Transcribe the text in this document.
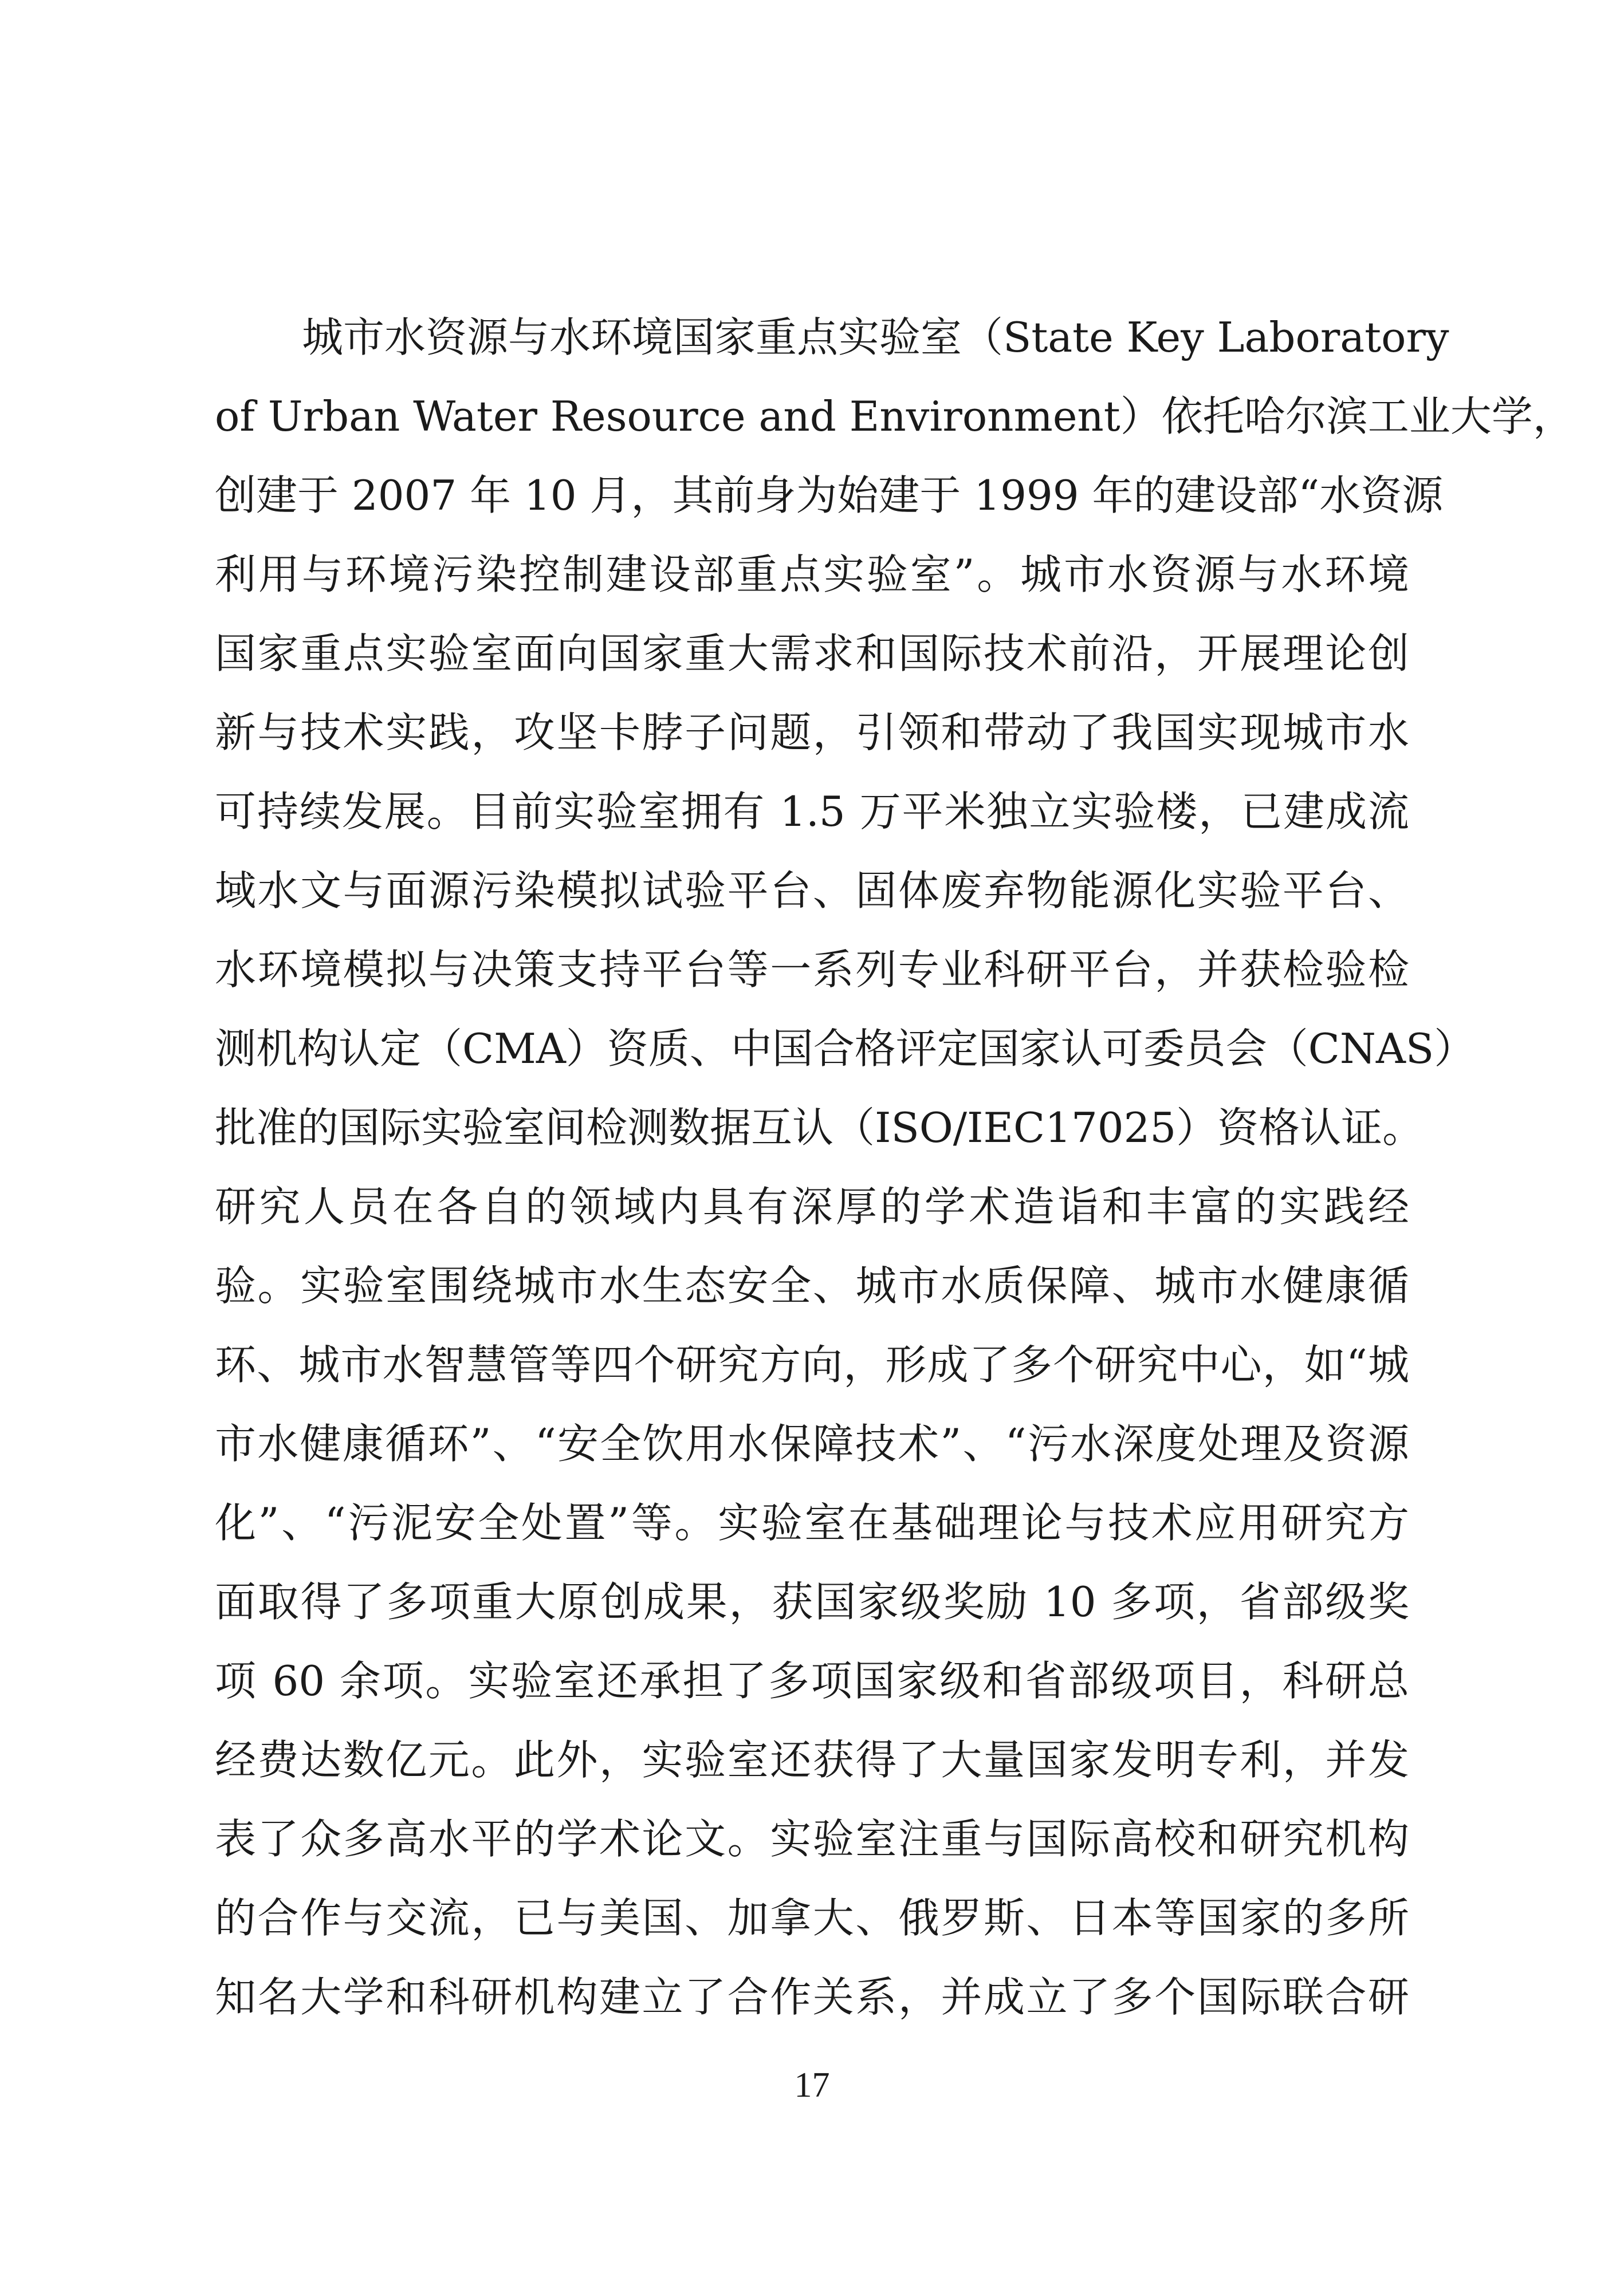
城市水资源与水环境国家重点实验室（State Key Laboratory
of Urban Water Resource and Environment）依托哈尔滨工业大学，
创建于 2007 年 10 月，其前身为始建于 1999 年的建设部“水资源
利用与环境污染控制建设部重点实验室”。城市水资源与水环境
国家重点实验室面向国家重大需求和国际技术前沿，开展理论创
新与技术实践，攻坚卡脖子问题，引领和带动了我国实现城市水
可持续发展。目前实验室拥有 1.5 万平米独立实验楼，已建成流
域水文与面源污染模拟试验平台、固体废弃物能源化实验平台、
水环境模拟与决策支持平台等一系列专业科研平台，并获检验检
测机构认定（CMA）资质、中国合格评定国家认可委员会（CNAS）
批准的国际实验室间检测数据互认（ISO/IEC17025）资格认证。
研究人员在各自的领域内具有深厚的学术造诣和丰富的实践经
验。实验室围绕城市水生态安全、城市水质保障、城市水健康循
环、城市水智慧管等四个研究方向，形成了多个研究中心，如“城
市水健康循环”、“安全饮用水保障技术”、“污水深度处理及资源
化”、“污泥安全处置”等。实验室在基础理论与技术应用研究方
面取得了多项重大原创成果，获国家级奖励 10 多项，省部级奖
项 60 余项。实验室还承担了多项国家级和省部级项目，科研总
经费达数亿元。此外，实验室还获得了大量国家发明专利，并发
表了众多高水平的学术论文。实验室注重与国际高校和研究机构
的合作与交流，已与美国、加拿大、俄罗斯、日本等国家的多所
知名大学和科研机构建立了合作关系，并成立了多个国际联合研
17
